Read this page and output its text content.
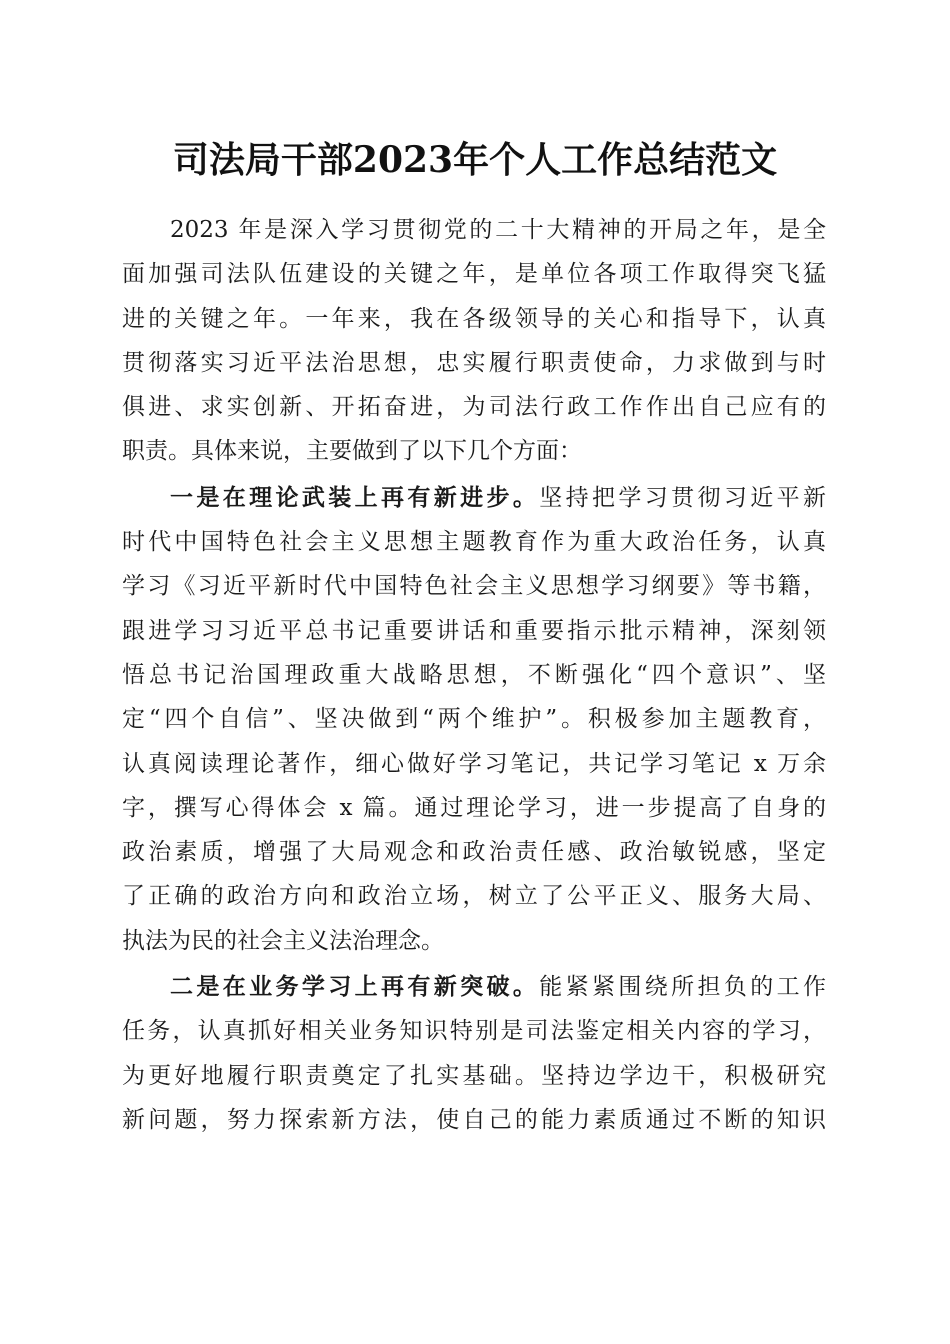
司法局干部2023年个人工作总结范文
2023 年是深入学习贯彻党的二十大精神的开局之年，是全
面加强司法队伍建设的关键之年，是单位各项工作取得突飞猛
进的关键之年。一年来，我在各级领导的关心和指导下，认真
贯彻落实习近平法治思想，忠实履行职责使命，力求做到与时
俱进、求实创新、开拓奋进，为司法行政工作作出自己应有的
职责。具体来说，主要做到了以下几个方面：
一是在理论武装上再有新进步。坚持把学习贯彻习近平新
时代中国特色社会主义思想主题教育作为重大政治任务，认真
学习《习近平新时代中国特色社会主义思想学习纲要》等书籍，
跟进学习习近平总书记重要讲话和重要指示批示精神，深刻领
悟总书记治国理政重大战略思想，不断强化“四个意识”、坚
定“四个自信”、坚决做到“两个维护”。积极参加主题教育，
认真阅读理论著作，细心做好学习笔记，共记学习笔记 x 万余
字，撰写心得体会 x 篇。通过理论学习，进一步提高了自身的
政治素质，增强了大局观念和政治责任感、政治敏锐感，坚定
了正确的政治方向和政治立场，树立了公平正义、服务大局、
执法为民的社会主义法治理念。
二是在业务学习上再有新突破。能紧紧围绕所担负的工作
任务，认真抓好相关业务知识特别是司法鉴定相关内容的学习，
为更好地履行职责奠定了扎实基础。坚持边学边干，积极研究
新问题，努力探索新方法，使自己的能力素质通过不断的知识
